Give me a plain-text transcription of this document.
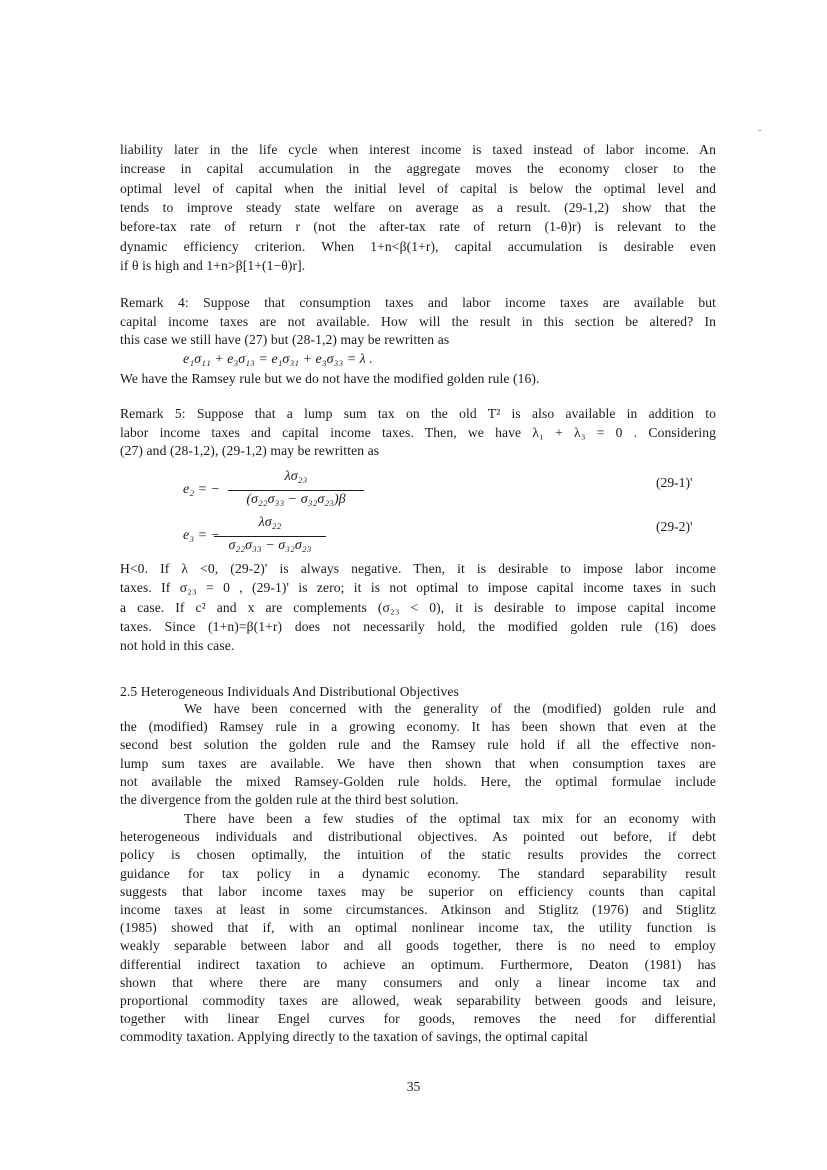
-
liability later in the life cycle when interest income is taxed instead of labor income. An
increase in capital accumulation in the aggregate moves the economy closer to the
optimal level of capital when the initial level of capital is below the optimal level and
tends to improve steady state welfare on average as a result. (29-1,2) show that the
before-tax rate of return r (not the after-tax rate of return (1-θ)r) is relevant to the
dynamic efficiency criterion. When 1+n<β(1+r), capital accumulation is desirable even
if θ is high and 1+n>β[1+(1−θ)r].
Remark 4: Suppose that consumption taxes and labor income taxes are available but
capital income taxes are not available. How will the result in this section be altered? In
this case we still have (27) but (28-1,2) may be rewritten as
e₁σ₁₁ + e₃σ₁₃ = e₁σ₃₁ + e₃σ₃₃ = λ .
We have the Ramsey rule but we do not have the modified golden rule (16).
Remark 5: Suppose that a lump sum tax on the old T² is also available in addition to
labor income taxes and capital income taxes. Then, we have λ₁ + λ₃ = 0 . Considering
(27) and (28-1,2), (29-1,2) may be rewritten as
e₂ = −
λσ₂₃
(σ₂₂σ₃₃ − σ₃₂σ₂₃)β
(29-1)'
e₃ = −
λσ₂₂
σ₂₂σ₃₃ − σ₃₂σ₂₃
(29-2)'
H<0. If λ <0, (29-2)' is always negative. Then, it is desirable to impose labor income
taxes. If σ₂₃ = 0 , (29-1)' is zero; it is not optimal to impose capital income taxes in such
a case. If c² and x are complements (σ₂₃ < 0), it is desirable to impose capital income
taxes. Since (1+n)=β(1+r) does not necessarily hold, the modified golden rule (16) does
not hold in this case.
2.5 Heterogeneous Individuals And Distributional Objectives
We have been concerned with the generality of the (modified) golden rule and
the (modified) Ramsey rule in a growing economy. It has been shown that even at the
second best solution the golden rule and the Ramsey rule hold if all the effective non-
lump sum taxes are available. We have then shown that when consumption taxes are
not available the mixed Ramsey-Golden rule holds. Here, the optimal formulae include
the divergence from the golden rule at the third best solution.
There have been a few studies of the optimal tax mix for an economy with
heterogeneous individuals and distributional objectives. As pointed out before, if debt
policy is chosen optimally, the intuition of the static results provides the correct
guidance for tax policy in a dynamic economy. The standard separability result
suggests that labor income taxes may be superior on efficiency counts than capital
income taxes at least in some circumstances. Atkinson and Stiglitz (1976) and Stiglitz
(1985) showed that if, with an optimal nonlinear income tax, the utility function is
weakly separable between labor and all goods together, there is no need to employ
differential indirect taxation to achieve an optimum. Furthermore, Deaton (1981) has
shown that where there are many consumers and only a linear income tax and
proportional commodity taxes are allowed, weak separability between goods and leisure,
together with linear Engel curves for goods, removes the need for differential
commodity taxation. Applying directly to the taxation of savings, the optimal capital
35
